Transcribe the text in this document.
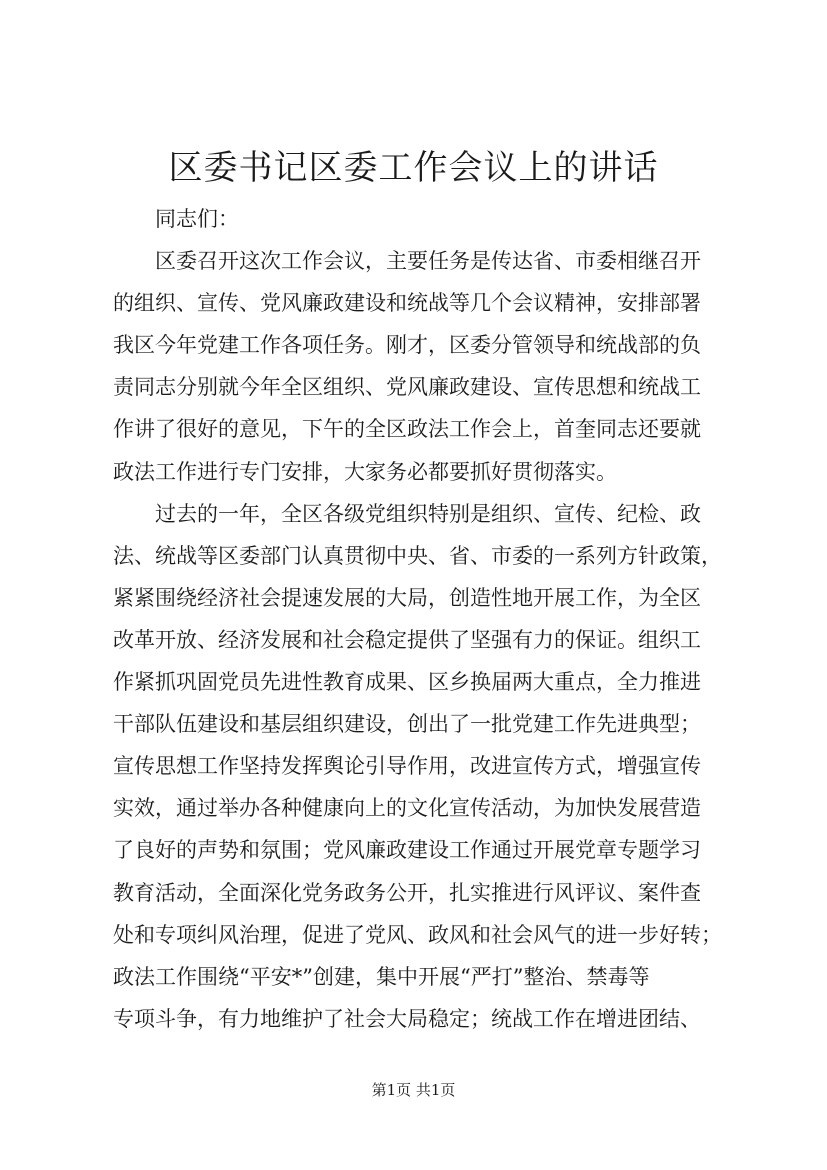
区委书记区委工作会议上的讲话
　　同志们：
　　区委召开这次工作会议，主要任务是传达省、市委相继召开
的组织、宣传、党风廉政建设和统战等几个会议精神，安排部署
我区今年党建工作各项任务。刚才，区委分管领导和统战部的负
责同志分别就今年全区组织、党风廉政建设、宣传思想和统战工
作讲了很好的意见，下午的全区政法工作会上，首奎同志还要就
政法工作进行专门安排，大家务必都要抓好贯彻落实。
　　过去的一年，全区各级党组织特别是组织、宣传、纪检、政
法、统战等区委部门认真贯彻中央、省、市委的一系列方针政策，
紧紧围绕经济社会提速发展的大局，创造性地开展工作，为全区
改革开放、经济发展和社会稳定提供了坚强有力的保证。组织工
作紧抓巩固党员先进性教育成果、区乡换届两大重点，全力推进
干部队伍建设和基层组织建设，创出了一批党建工作先进典型；
宣传思想工作坚持发挥舆论引导作用，改进宣传方式，增强宣传
实效，通过举办各种健康向上的文化宣传活动，为加快发展营造
了良好的声势和氛围；党风廉政建设工作通过开展党章专题学习
教育活动，全面深化党务政务公开，扎实推进行风评议、案件查
处和专项纠风治理，促进了党风、政风和社会风气的进一步好转；
政法工作围绕“平安*”创建，集中开展“严打”整治、禁毒等
专项斗争，有力地维护了社会大局稳定；统战工作在增进团结、
第1页 共1页
